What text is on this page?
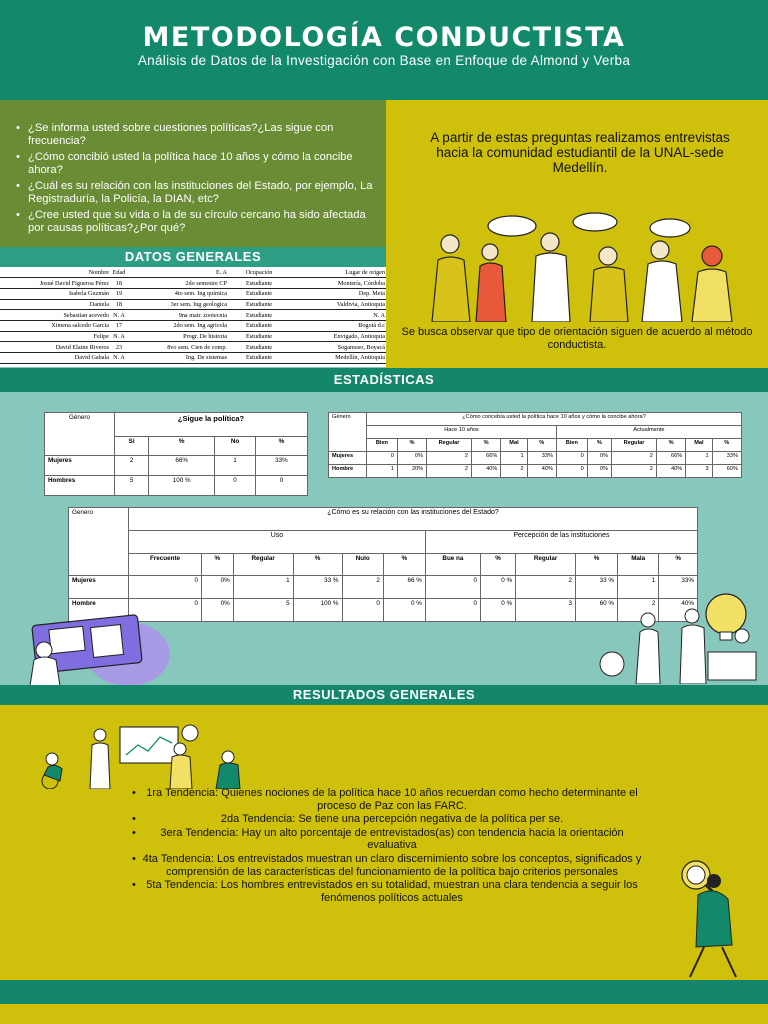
METODOLOGÍA CONDUCTISTA
Análisis de Datos de la Investigación con Base en Enfoque de Almond y Verba
• ¿Se informa usted sobre cuestiones políticas?¿Las sigue con frecuencia?
• ¿Cómo concibió usted la política hace 10 años y cómo la concibe ahora?
• ¿Cuál es su relación con las instituciones del Estado, por ejemplo, La Registraduría, la Policía, la DIAN, etc?
• ¿Cree usted que su vida o la de su círculo cercano ha sido afectada por causas políticas?¿Por qué?
DATOS GENERALES
Nombre	Edad	E. A	Ocupación	Lugar de origen
Josué David Figueroa Pérez	18	2do semestre CP	Estudiante	Montería, Córdoba
Isabela Guzmán	19	4to sem. Ing química	Estudiante	Dep. Meta
Daniela	18	3er sem. Ing geologica	Estudiante	Valdivia, Antioquia
Sebastian acevedo	N. A	9na matr. zootecnia	Estudiante	N. A
Ximena salcedo Garcia	17	2do sem. Ing agricola	Estudiante	Bogotá d.c
Felipe	N. A	Progr. De historia	Estudiante	Envigado, Antioquia
David Elaine Riveros	23	8vo sem. Cien de comp.	Estudiante	Sogamoso, Boyacá
David Gabala	N. A	Ing. De sistemas	Estudiante	Medellín, Antioquia
A partir de estas preguntas realizamos entrevistas hacia la comunidad estudiantil de la UNAL-sede Medellín.
Se busca observar que tipo de orientación siguen de acuerdo al método conductista.
ESTADÍSTICAS
Género	¿Sigue la política?			
	Si	%	No	%
Mujeres	2	66%	1	33%
Hombres	5	100 %	0	0
Género	¿Cómo concebía usted la política hace 10 años y cómo la concibe ahora?											
	Hace 10 años						Actualmente					
	Bien	%	Regular	%	Mal	%	Bien	%	Regular	%	Mal	%
Mujeres	0	0%	2	66%	1	33%	0	0%	2	66%	1	33%
Hombre	1	20%	2	40%	2	40%	0	0%	2	40%	3	60%
Genero	¿Cómo es su relación con las instituciones del Estado?											
	Uso						Percepción de las instituciones					
	Frecuente	%	Regular	%	Nulo	%	Bue na	%	Regular	%	Mala	%
Mujeres	0	0%	1	33 %	2	66 %	0	0 %	2	33 %	1	33%
Hombre	0	0%	5	100 %	0	0 %	0	0 %	3	60 %	2	40%
RESULTADOS GENERALES
• 1ra Tendencia: Quienes nociones de la política hace 10 años recuerdan como hecho determinante el proceso de Paz con las FARC.
• 2da Tendencia: Se tiene una percepción negativa de la política per se.
• 3era Tendencia: Hay un alto porcentaje de entrevistados(as) con tendencia hacia la orientación evaluativa
• 4ta Tendencia: Los entrevistados muestran un claro discernimiento sobre los conceptos, significados y comprensión de las características del funcionamiento de la política bajo criterios personales
• 5ta Tendencia: Los hombres entrevistados en su totalidad, muestran una clara tendencia a seguir los fenómenos políticos actuales
